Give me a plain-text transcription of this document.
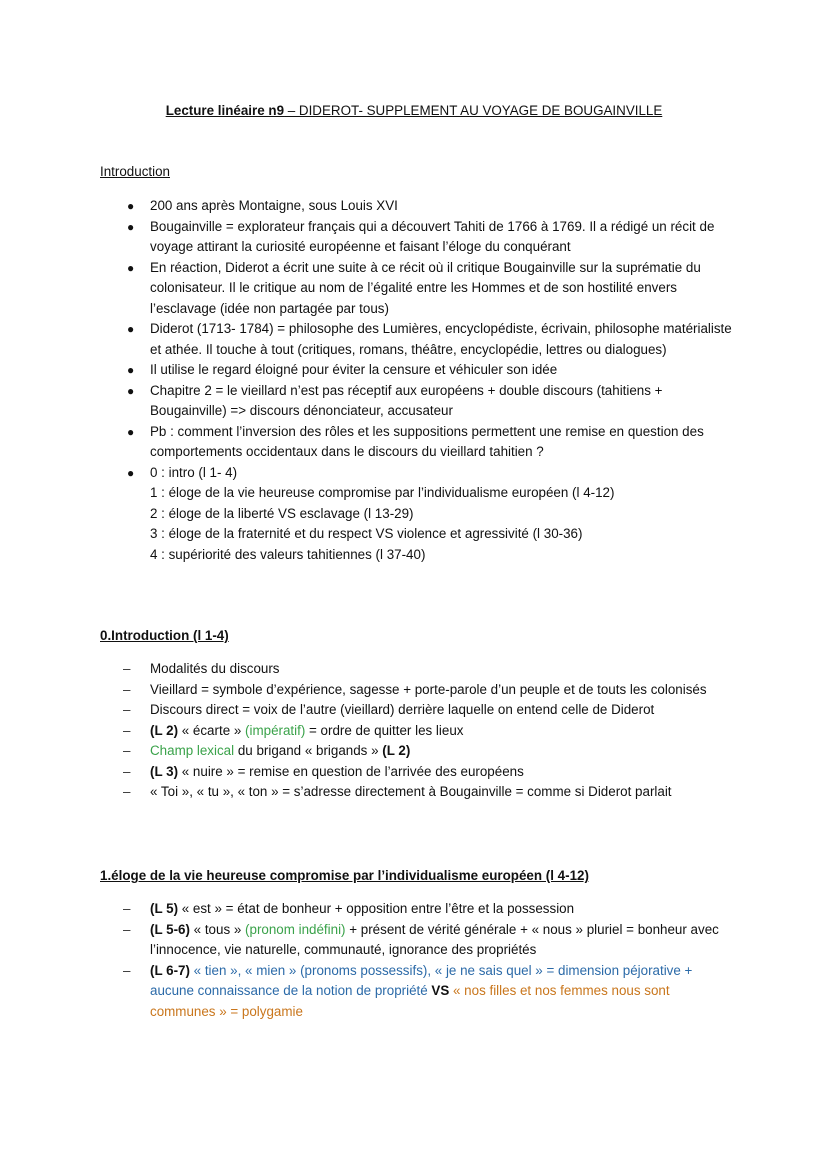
Lecture linéaire n9 – DIDEROT- SUPPLEMENT AU VOYAGE DE BOUGAINVILLE
Introduction
● 200 ans après Montaigne, sous Louis XVI
● Bougainville = explorateur français qui a découvert Tahiti de 1766 à 1769. Il a rédigé un récit de voyage attirant la curiosité européenne et faisant l’éloge du conquérant
● En réaction, Diderot a écrit une suite à ce récit où il critique Bougainville sur la suprématie du colonisateur. Il le critique au nom de l’égalité entre les Hommes et de son hostilité envers l’esclavage (idée non partagée par tous)
● Diderot (1713- 1784) = philosophe des Lumières, encyclopédiste, écrivain, philosophe matérialiste et athée. Il touche à tout (critiques, romans, théâtre, encyclopédie, lettres ou dialogues)
● Il utilise le regard éloigné pour éviter la censure et véhiculer son idée
● Chapitre 2 = le vieillard n’est pas réceptif aux européens + double discours (tahitiens + Bougainville) => discours dénonciateur, accusateur
● Pb : comment l’inversion des rôles et les suppositions permettent une remise en question des comportements occidentaux dans le discours du vieillard tahitien ?
● 0 : intro (l 1- 4)
1 : éloge de la vie heureuse compromise par l’individualisme européen (l 4-12)
2 : éloge de la liberté VS esclavage (l 13-29)
3 : éloge de la fraternité et du respect VS violence et agressivité (l 30-36)
4 : supériorité des valeurs tahitiennes (l 37-40)
0.Introduction (l 1-4)
– Modalités du discours
– Vieillard = symbole d’expérience, sagesse + porte-parole d’un peuple et de touts les colonisés
– Discours direct = voix de l’autre (vieillard) derrière laquelle on entend celle de Diderot
– (L 2) « écarte » (impératif) = ordre de quitter les lieux
– Champ lexical du brigand « brigands » (L 2)
– (L 3) « nuire » = remise en question de l’arrivée des européens
– « Toi », « tu », « ton » = s’adresse directement à Bougainville = comme si Diderot parlait
1.éloge de la vie heureuse compromise par l’individualisme européen (l 4-12)
– (L 5) « est » = état de bonheur + opposition entre l’être et la possession
– (L 5-6) « tous » (pronom indéfini) + présent de vérité générale + « nous » pluriel = bonheur avec l’innocence, vie naturelle, communauté, ignorance des propriétés
– (L 6-7) « tien », « mien » (pronoms possessifs), « je ne sais quel » = dimension péjorative + aucune connaissance de la notion de propriété VS « nos filles et nos femmes nous sont communes » = polygamie
